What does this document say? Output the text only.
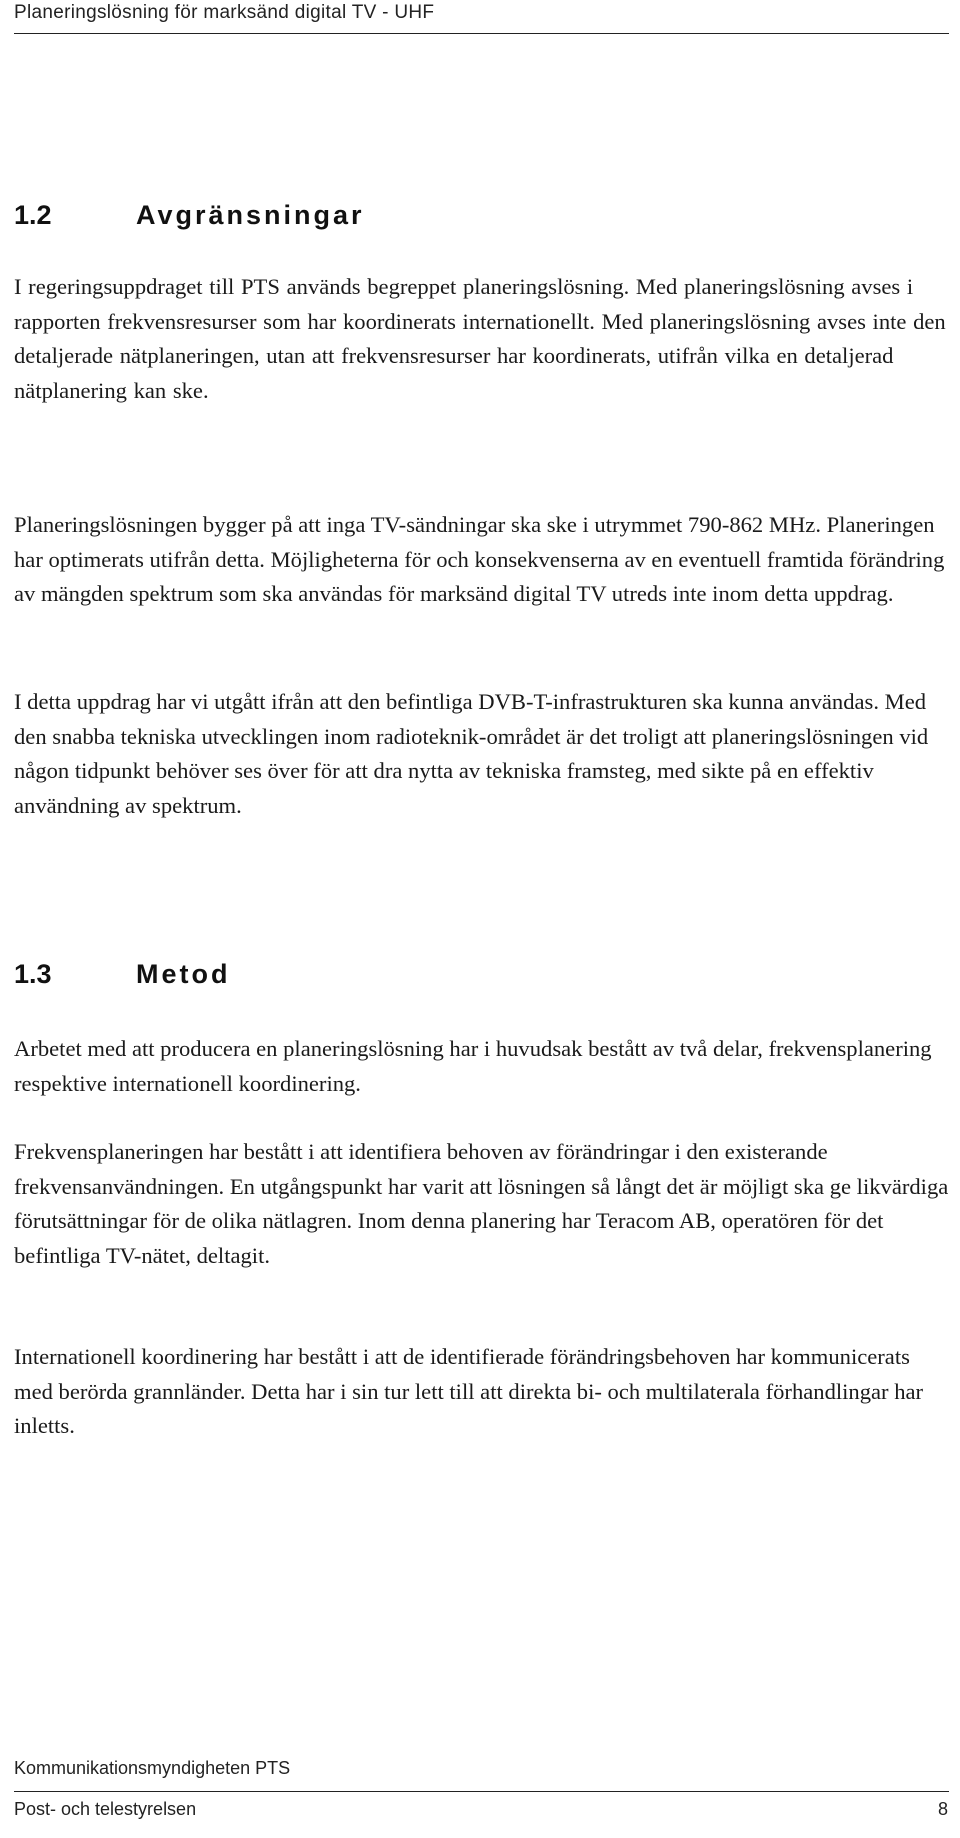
Planeringslösning för marksänd digital TV - UHF
1.2	Avgränsningar

I regeringsuppdraget till PTS används begreppet planeringslösning. Med planeringslösning avses i rapporten frekvensresurser som har koordinerats internationellt. Med planeringslösning avses inte den detaljerade nätplaneringen, utan att frekvensresurser har koordinerats, utifrån vilka en detaljerad nätplanering kan ske.

Planeringslösningen bygger på att inga TV-sändningar ska ske i utrymmet 790-862 MHz. Planeringen har optimerats utifrån detta. Möjligheterna för och konsekvenserna av en eventuell framtida förändring av mängden spektrum som ska användas för marksänd digital TV utreds inte inom detta uppdrag.

I detta uppdrag har vi utgått ifrån att den befintliga DVB-T-infrastrukturen ska kunna användas. Med den snabba tekniska utvecklingen inom radioteknik-området är det troligt att planeringslösningen vid någon tidpunkt behöver ses över för att dra nytta av tekniska framsteg, med sikte på en effektiv användning av spektrum.

1.3	Metod

Arbetet med att producera en planeringslösning har i huvudsak bestått av två delar, frekvensplanering respektive internationell koordinering.

Frekvensplaneringen har bestått i att identifiera behoven av förändringar i den existerande frekvensanvändningen. En utgångspunkt har varit att lösningen så långt det är möjligt ska ge likvärdiga förutsättningar för de olika nätlagren. Inom denna planering har Teracom AB, operatören för det befintliga TV-nätet, deltagit.

Internationell koordinering har bestått i att de identifierade förändringsbehoven har kommunicerats med berörda grannländer. Detta har i sin tur lett till att direkta bi- och multilaterala förhandlingar har inletts.

Kommunikationsmyndigheten PTS
Post- och telestyrelsen	8
